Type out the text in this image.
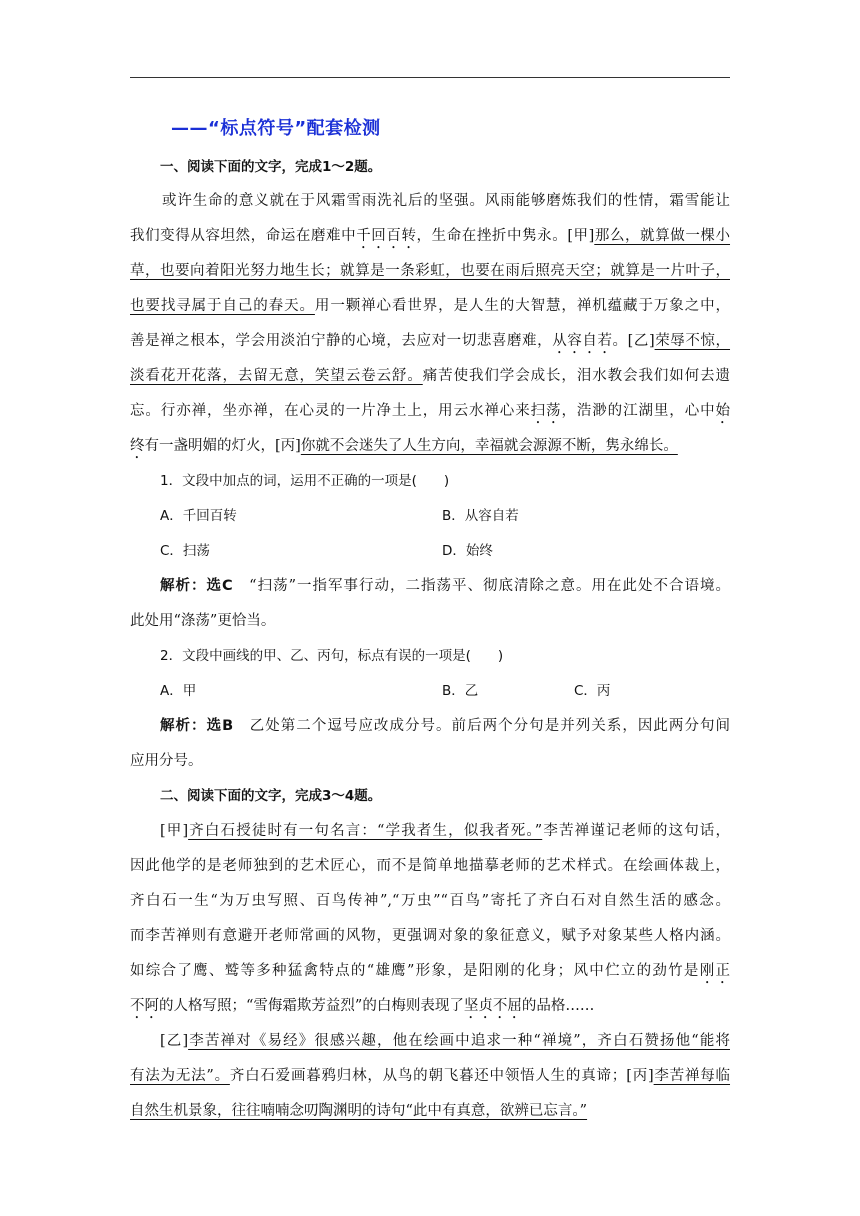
——“标点符号”配套检测
一、阅读下面的文字，完成1～2题。
或许生命的意义就在于风霜雪雨洗礼后的坚强。风雨能够磨炼我们的性情，霜雪能让
我们变得从容坦然，命运在磨难中千回百转，生命在挫折中隽永。[甲]那么，就算做一棵小
草，也要向着阳光努力地生长；就算是一条彩虹，也要在雨后照亮天空；就算是一片叶子，
也要找寻属于自己的春天。用一颗禅心看世界，是人生的大智慧，禅机蕴藏于万象之中，
善是禅之根本，学会用淡泊宁静的心境，去应对一切悲喜磨难，从容自若。[乙]荣辱不惊，
淡看花开花落，去留无意，笑望云卷云舒。痛苦使我们学会成长，泪水教会我们如何去遗
忘。行亦禅，坐亦禅，在心灵的一片净土上，用云水禅心来扫荡，浩渺的江湖里，心中始
终有一盏明媚的灯火，[丙]你就不会迷失了人生方向，幸福就会源源不断，隽永绵长。
1．文段中加点的词，运用不正确的一项是(　　)
A．千回百转	B．从容自若
C．扫荡	D．始终
解析：选C　“扫荡”一指军事行动，二指荡平、彻底清除之意。用在此处不合语境。
此处用“涤荡”更恰当。
2．文段中画线的甲、乙、丙句，标点有误的一项是(　　)
A．甲	B．乙	C．丙
解析：选B　乙处第二个逗号应改成分号。前后两个分句是并列关系，因此两分句间
应用分号。
二、阅读下面的文字，完成3～4题。
[甲]齐白石授徒时有一句名言：“学我者生，似我者死。”李苦禅谨记老师的这句话，
因此他学的是老师独到的艺术匠心，而不是简单地描摹老师的艺术样式。在绘画体裁上，
齐白石一生“为万虫写照、百鸟传神”,“万虫”“百鸟”寄托了齐白石对自然生活的感念。
而李苦禅则有意避开老师常画的风物，更强调对象的象征意义，赋予对象某些人格内涵。
如综合了鹰、鹫等多种猛禽特点的“雄鹰”形象，是阳刚的化身；风中伫立的劲竹是刚正
不阿的人格写照；“雪侮霜欺芳益烈”的白梅则表现了坚贞不屈的品格……
[乙]李苦禅对《易经》很感兴趣，他在绘画中追求一种“禅境”，齐白石赞扬他“能将
有法为无法”。齐白石爱画暮鸦归林，从鸟的朝飞暮还中领悟人生的真谛；[丙]李苦禅每临
自然生机景象，往往喃喃念叨陶渊明的诗句“此中有真意，欲辨已忘言。”
